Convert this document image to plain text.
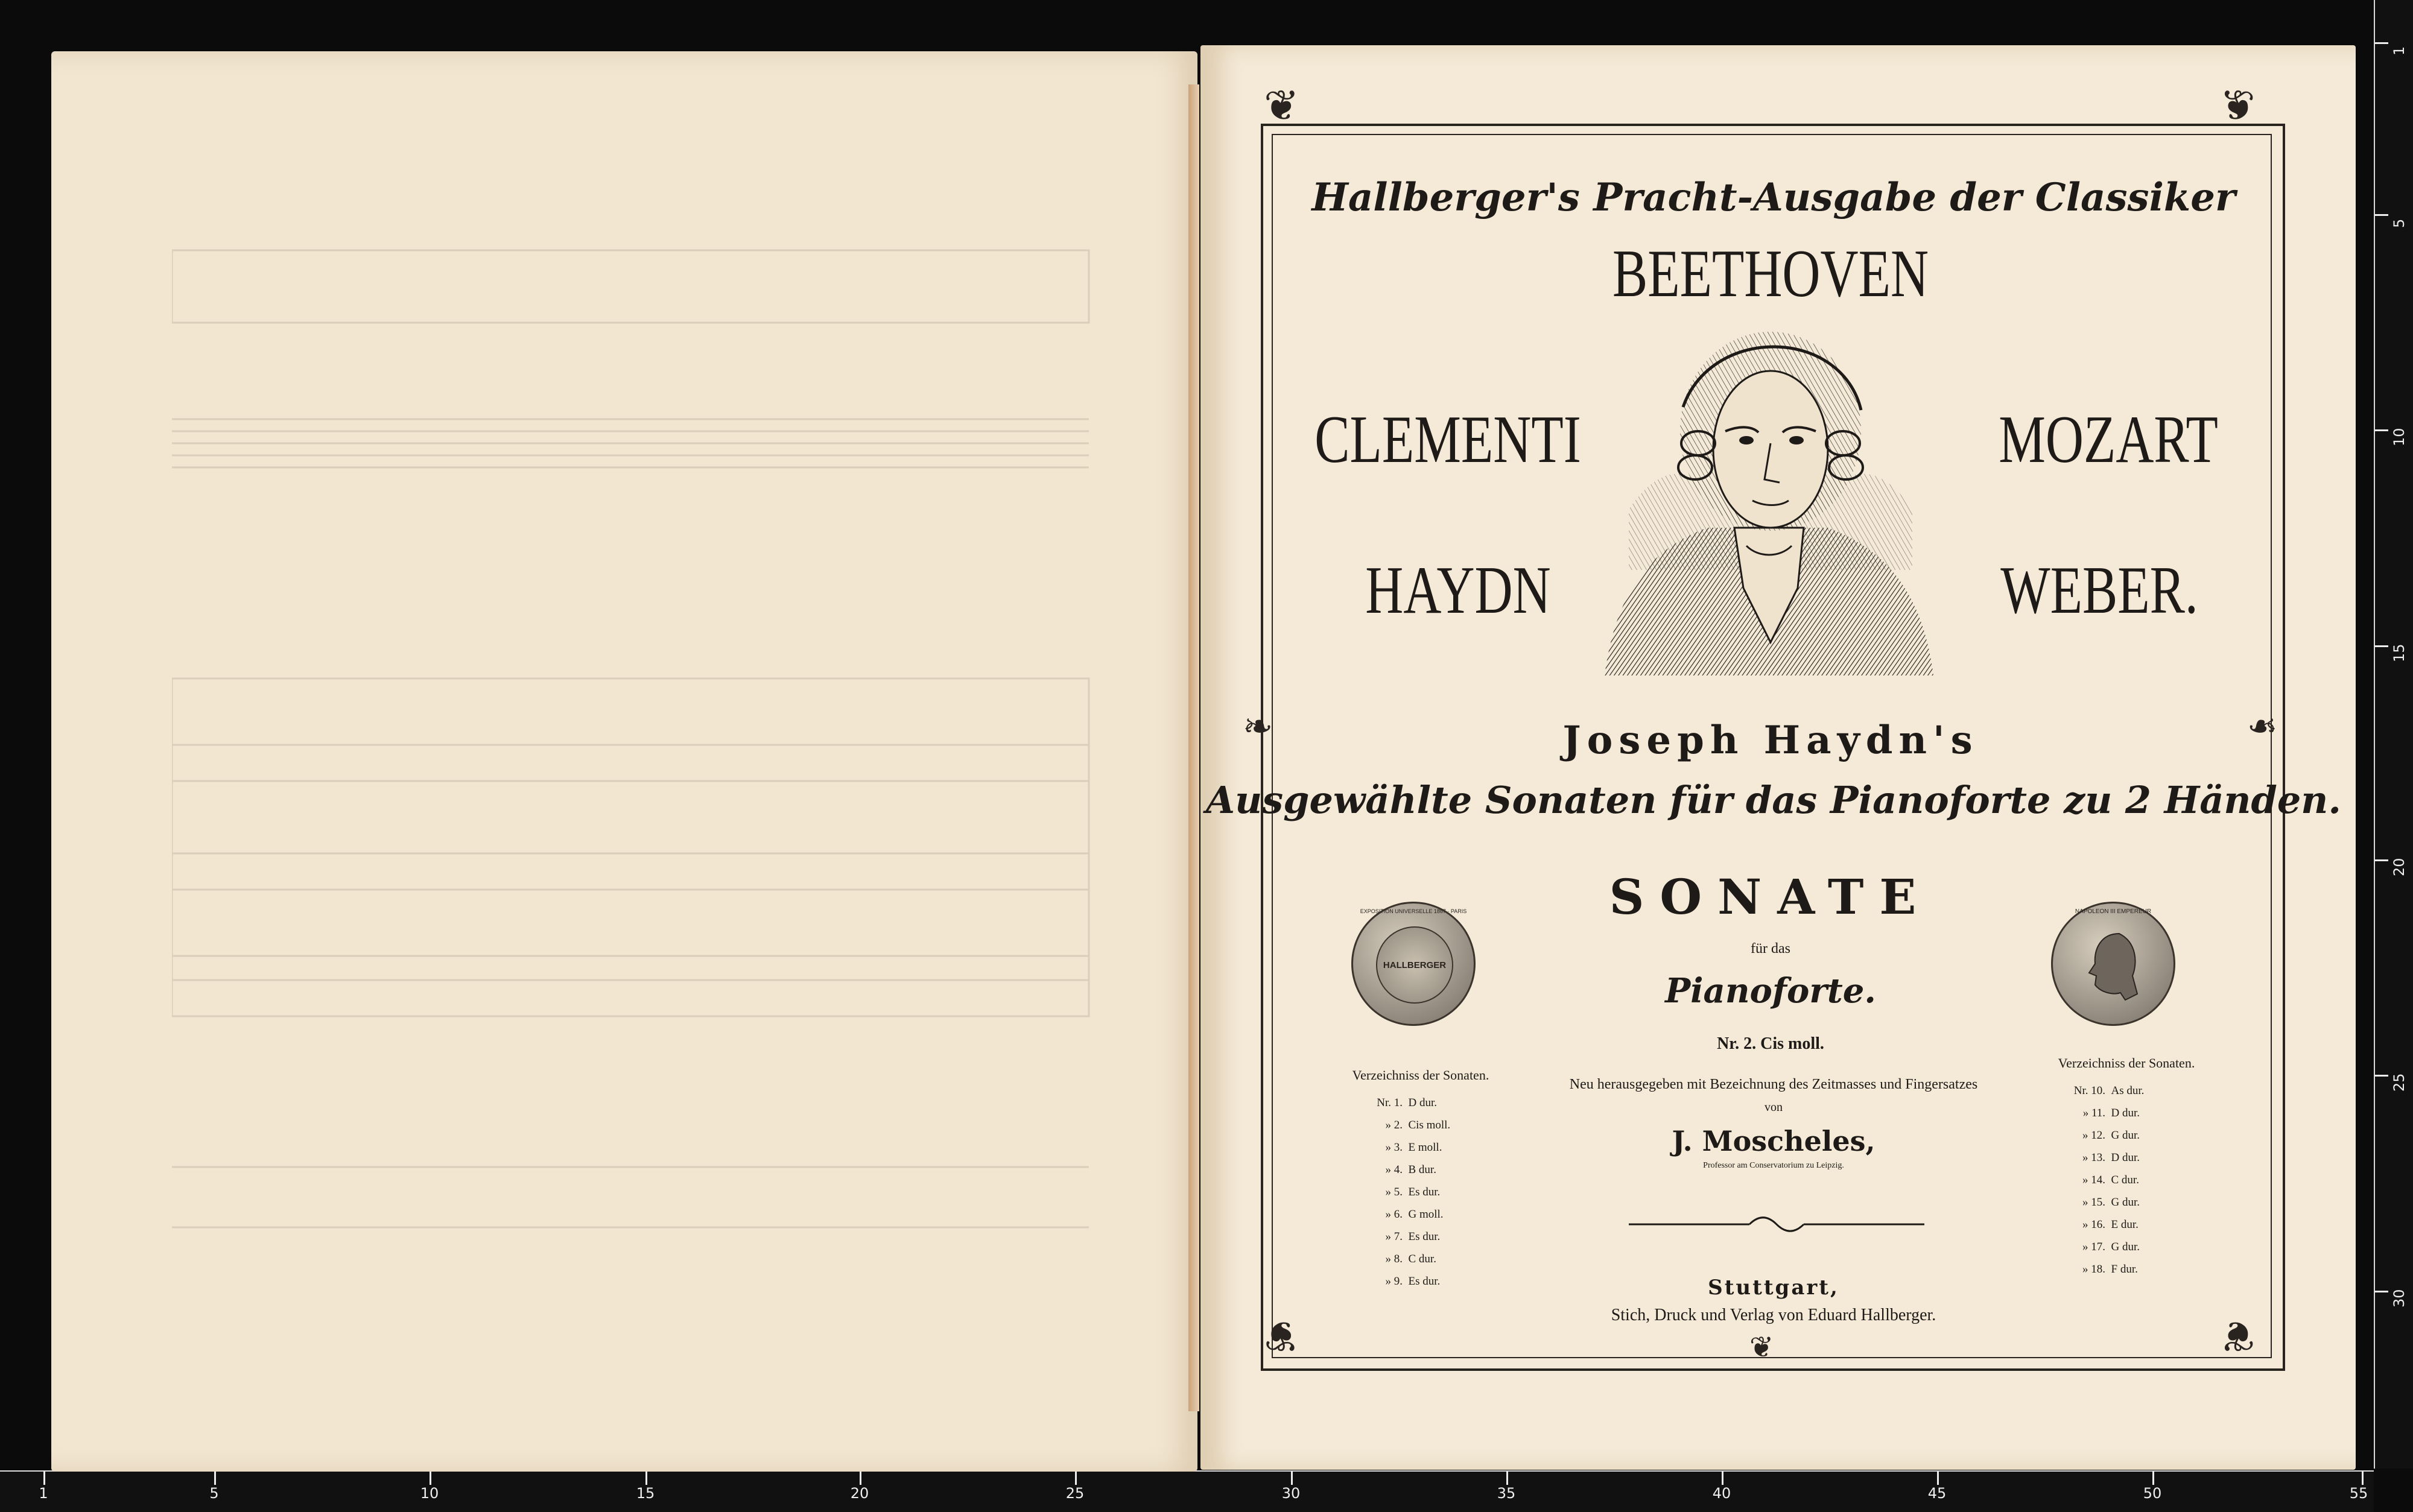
1
5
10
15
20
25
30
1	5	10	15	20	25	30	35	40	45	50	55
❦	❦
❦	❦
❧	❧
❦
Hallberger's Pracht-Ausgabe der Classiker
BEETHOVEN
CLEMENTI	MOZART
HAYDN	WEBER.
Joseph Haydn's
Ausgewählte Sonaten für das Pianoforte zu 2 Händen.
SONATE
für das
Pianoforte.
Nr. 2. Cis moll.
Neu herausgegeben mit Bezeichnung des Zeitmasses und Fingersatzes
von
J. Moscheles,
Professor am Conservatorium zu Leipzig.
Stuttgart,
Stich, Druck und Verlag von Eduard Hallberger.
HALLBERGER
EXPOSITION UNIVERSELLE 1867 · PARIS	NAPOLEON III EMPEREUR
Verzeichniss der Sonaten.
Nr. 1. D dur.
» 2. Cis moll.
» 3. E moll.
» 4. B dur.
» 5. Es dur.
» 6. G moll.
» 7. Es dur.
» 8. C dur.
» 9. Es dur.
Verzeichniss der Sonaten.
Nr. 10. As dur.
» 11. D dur.
» 12. G dur.
» 13. D dur.
» 14. C dur.
» 15. G dur.
» 16. E dur.
» 17. G dur.
» 18. F dur.
